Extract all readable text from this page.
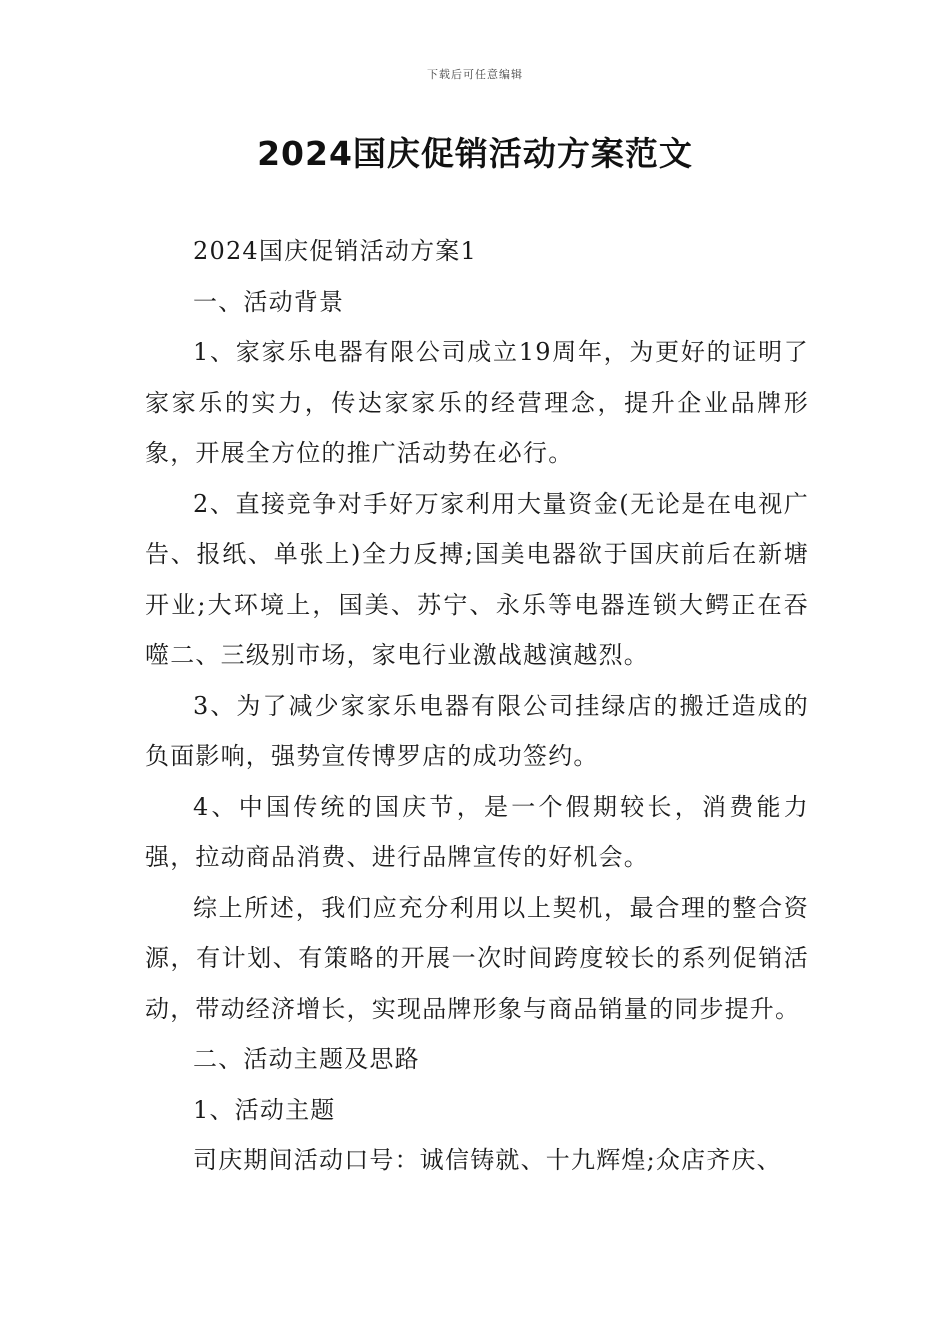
下载后可任意编辑
2024国庆促销活动方案范文

2024国庆促销活动方案1

一、活动背景

1、家家乐电器有限公司成立19周年，为更好的证明了家家乐的实力，传达家家乐的经营理念，提升企业品牌形象，开展全方位的推广活动势在必行。

2、直接竞争对手好万家利用大量资金(无论是在电视广告、报纸、单张上)全力反搏;国美电器欲于国庆前后在新塘开业;大环境上，国美、苏宁、永乐等电器连锁大鳄正在吞噬二、三级别市场，家电行业激战越演越烈。

3、为了减少家家乐电器有限公司挂绿店的搬迁造成的负面影响，强势宣传博罗店的成功签约。

4、中国传统的国庆节，是一个假期较长，消费能力强，拉动商品消费、进行品牌宣传的好机会。

综上所述，我们应充分利用以上契机，最合理的整合资源，有计划、有策略的开展一次时间跨度较长的系列促销活动，带动经济增长，实现品牌形象与商品销量的同步提升。

二、活动主题及思路

1、活动主题

司庆期间活动口号：诚信铸就、十九辉煌;众店齐庆、
